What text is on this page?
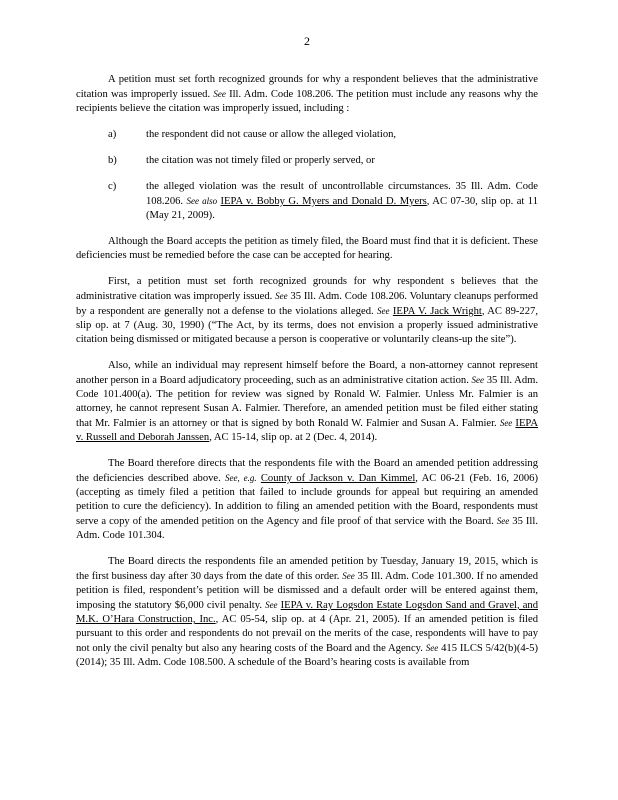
2

A petition must set forth recognized grounds for why a respondent believes that the administrative citation was improperly issued. See Ill. Adm. Code 108.206. The petition must include any reasons why the recipients believe the citation was improperly issued, including :

a)	the respondent did not cause or allow the alleged violation,
b)	the citation was not timely filed or properly served, or
c)	the alleged violation was the result of uncontrollable circumstances. 35 Ill. Adm. Code 108.206. See also IEPA v. Bobby G. Myers and Donald D. Myers, AC 07-30, slip op. at 11 (May 21, 2009).

Although the Board accepts the petition as timely filed, the Board must find that it is deficient. These deficiencies must be remedied before the case can be accepted for hearing.

First, a petition must set forth recognized grounds for why respondent s believes that the administrative citation was improperly issued. See 35 Ill. Adm. Code 108.206. Voluntary cleanups performed by a respondent are generally not a defense to the violations alleged. See IEPA V. Jack Wright, AC 89-227, slip op. at 7 (Aug. 30, 1990) (“The Act, by its terms, does not envision a properly issued administrative citation being dismissed or mitigated because a person is cooperative or voluntarily cleans-up the site”).

Also, while an individual may represent himself before the Board, a non-attorney cannot represent another person in a Board adjudicatory proceeding, such as an administrative citation action. See 35 Ill. Adm. Code 101.400(a). The petition for review was signed by Ronald W. Falmier. Unless Mr. Falmier is an attorney, he cannot represent Susan A. Falmier. Therefore, an amended petition must be filed either stating that Mr. Falmier is an attorney or that is signed by both Ronald W. Falmier and Susan A. Falmier. See IEPA v. Russell and Deborah Janssen, AC 15-14, slip op. at 2 (Dec. 4, 2014).

The Board therefore directs that the respondents file with the Board an amended petition addressing the deficiencies described above. See, e.g. County of Jackson v. Dan Kimmel, AC 06-21 (Feb. 16, 2006) (accepting as timely filed a petition that failed to include grounds for appeal but requiring an amended petition to cure the deficiency). In addition to filing an amended petition with the Board, respondents must serve a copy of the amended petition on the Agency and file proof of that service with the Board. See 35 Ill. Adm. Code 101.304.

The Board directs the respondents file an amended petition by Tuesday, January 19, 2015, which is the first business day after 30 days from the date of this order. See 35 Ill. Adm. Code 101.300. If no amended petition is filed, respondent’s petition will be dismissed and a default order will be entered against them, imposing the statutory $6,000 civil penalty. See IEPA v. Ray Logsdon Estate Logsdon Sand and Gravel, and M.K. O’Hara Construction, Inc., AC 05-54, slip op. at 4 (Apr. 21, 2005). If an amended petition is filed pursuant to this order and respondents do not prevail on the merits of the case, respondents will have to pay not only the civil penalty but also any hearing costs of the Board and the Agency. See 415 ILCS 5/42(b)(4-5) (2014); 35 Ill. Adm. Code 108.500. A schedule of the Board’s hearing costs is available from
